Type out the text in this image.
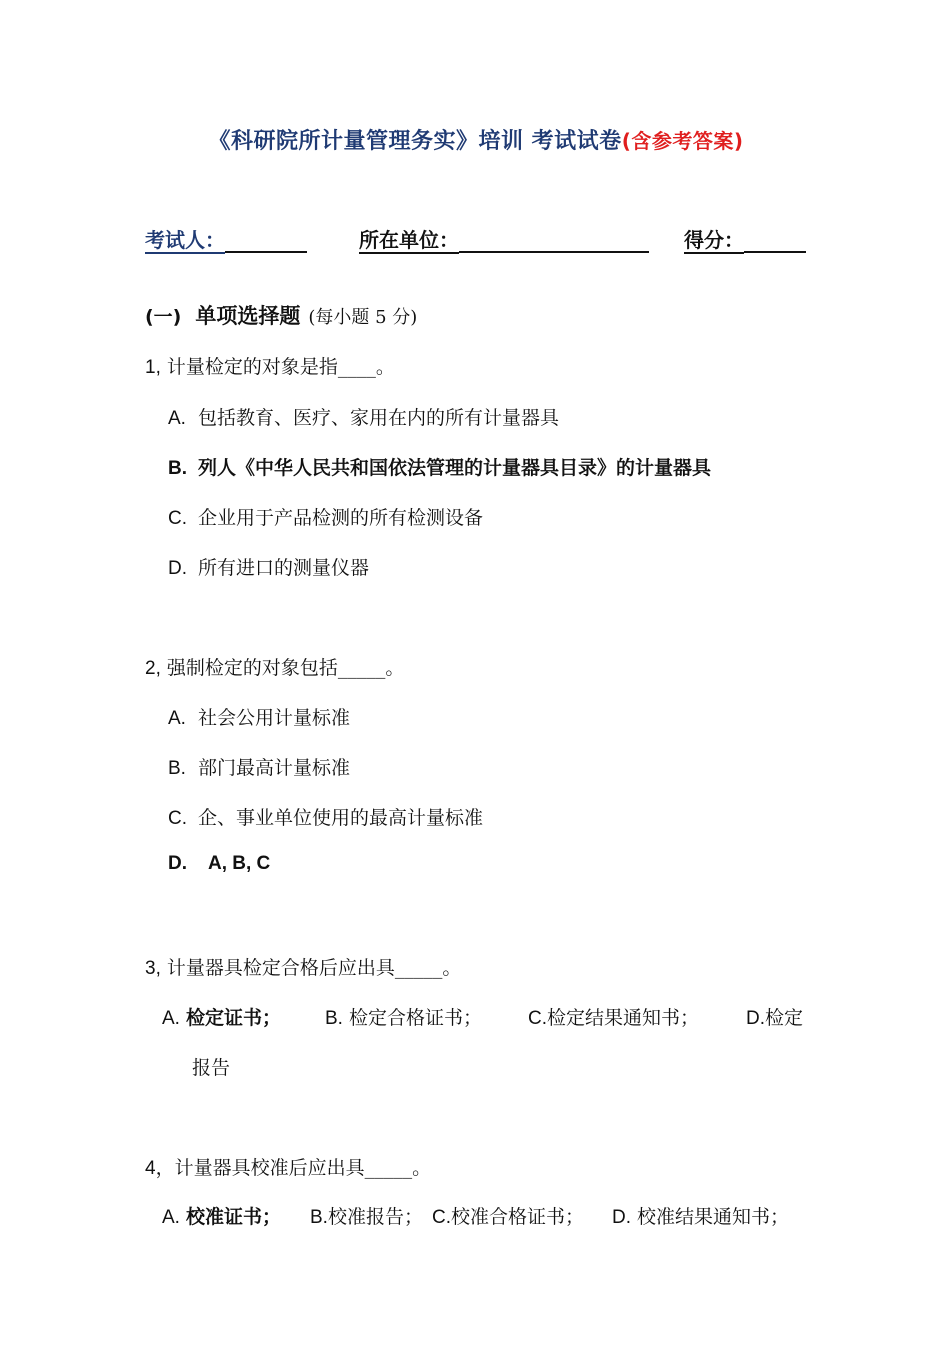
《科研院所计量管理务实》培训 考试试卷(含参考答案)
考试人：	所在单位：	得分：
(一) 单项选择题 (每小题 5 分)
1, 计量检定的对象是指____。
A. 包括教育、医疗、家用在内的所有计量器具
B. 列人《中华人民共和国依法管理的计量器具目录》的计量器具
C. 企业用于产品检测的所有检测设备
D. 所有进口的测量仪器
2, 强制检定的对象包括_____。
A. 社会公用计量标准
B. 部门最高计量标准
C. 企、事业单位使用的最高计量标准
D. A, B, C
3, 计量器具检定合格后应出具_____。
A. 检定证书； B. 检定合格证书； C.检定结果通知书； D.检定
报告
4，计量器具校准后应出具_____。
A. 校准证书； B.校准报告； C.校准合格证书； D. 校准结果通知书；
